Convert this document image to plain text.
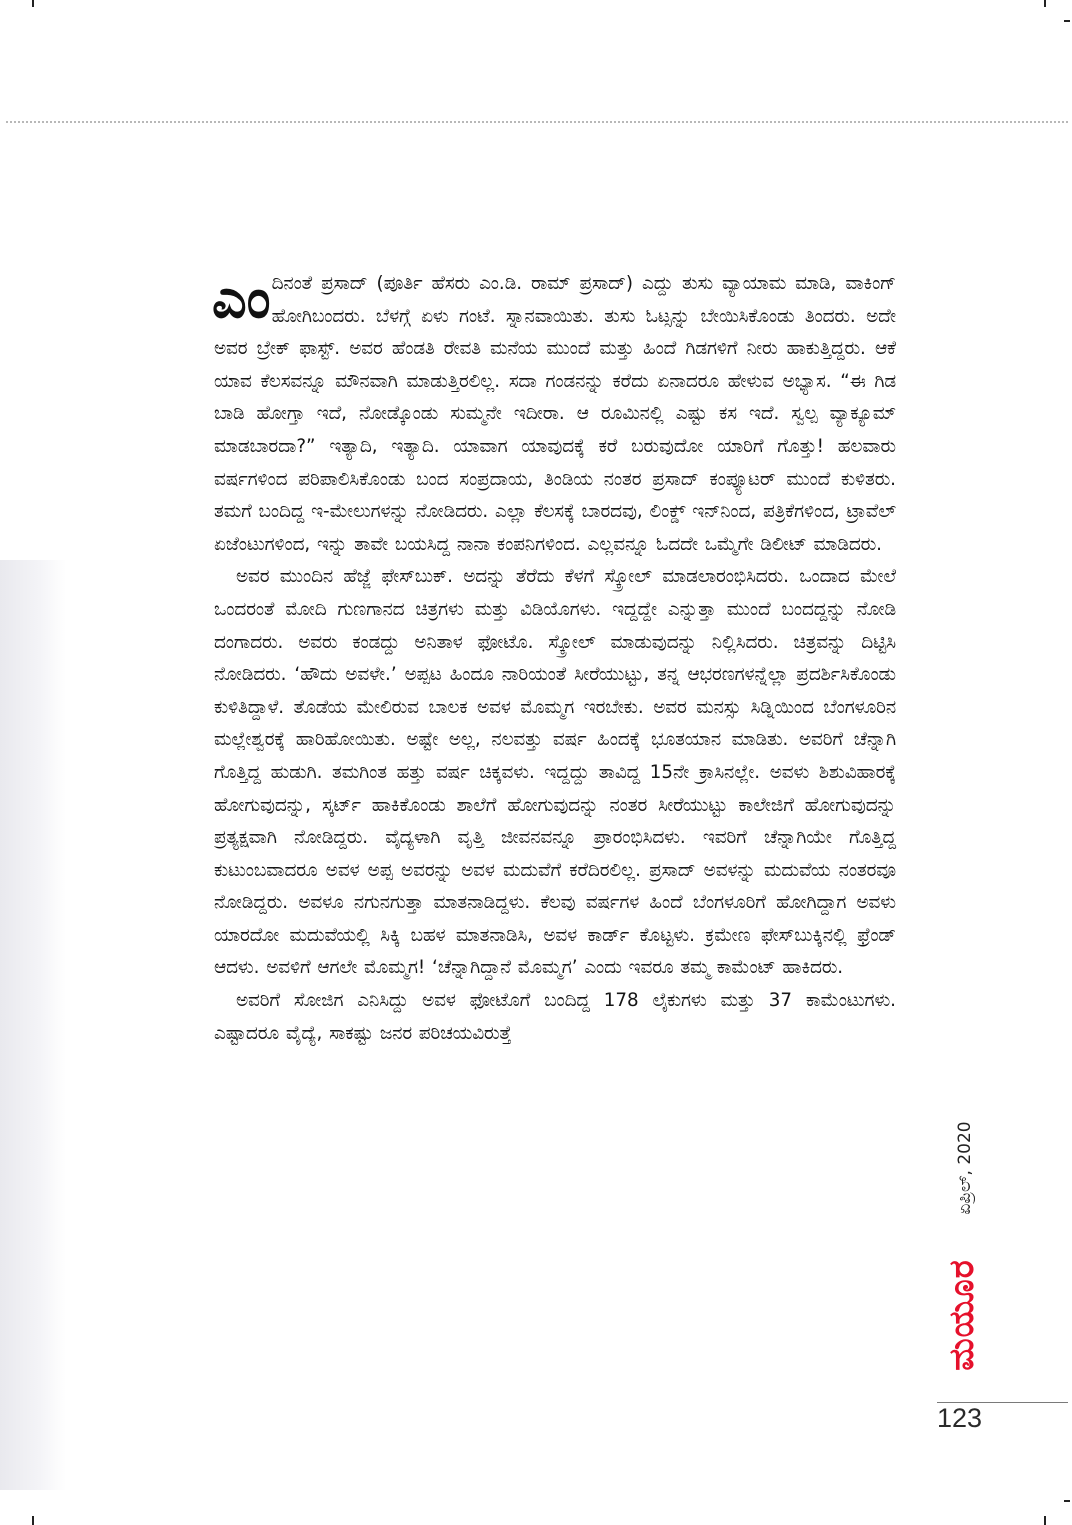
ಎಂದಿನಂತೆ ಪ್ರಸಾದ್ (ಪೂರ್ತಿ ಹೆಸರು ಎಂ.ಡಿ. ರಾಮ್ ಪ್ರಸಾದ್) ಎದ್ದು ತುಸು ವ್ಯಾಯಾಮ ಮಾಡಿ, ವಾಕಿಂಗ್ ಹೋಗಿಬಂದರು. ಬೆಳಗ್ಗೆ ಏಳು ಗಂಟೆ. ಸ್ನಾನವಾಯಿತು. ತುಸು ಓಟ್ಸನ್ನು ಬೇಯಿಸಿಕೊಂಡು ತಿಂದರು. ಅದೇ ಅವರ ಬ್ರೇಕ್ ಫಾಸ್ಟ್. ಅವರ ಹೆಂಡತಿ ರೇವತಿ ಮನೆಯ ಮುಂದೆ ಮತ್ತು ಹಿಂದೆ ಗಿಡಗಳಿಗೆ ನೀರು ಹಾಕುತ್ತಿದ್ದರು. ಆಕೆ ಯಾವ ಕೆಲಸವನ್ನೂ ಮೌನವಾಗಿ ಮಾಡುತ್ತಿರಲಿಲ್ಲ. ಸದಾ ಗಂಡನನ್ನು ಕರೆದು ಏನಾದರೂ ಹೇಳುವ ಅಭ್ಯಾಸ. “ಈ ಗಿಡ ಬಾಡಿ ಹೋಗ್ತಾ ಇದೆ, ನೋಡ್ಕೊಂಡು ಸುಮ್ಮನೇ ಇದೀರಾ. ಆ ರೂಮಿನಲ್ಲಿ ಎಷ್ಟು ಕಸ ಇದೆ. ಸ್ವಲ್ಪ ವ್ಯಾಕ್ಯೂಮ್ ಮಾಡಬಾರದಾ?” ಇತ್ಯಾದಿ, ಇತ್ಯಾದಿ. ಯಾವಾಗ ಯಾವುದಕ್ಕೆ ಕರೆ ಬರುವುದೋ ಯಾರಿಗೆ ಗೊತ್ತು! ಹಲವಾರು ವರ್ಷಗಳಿಂದ ಪರಿಪಾಲಿಸಿಕೊಂಡು ಬಂದ ಸಂಪ್ರದಾಯ, ತಿಂಡಿಯ ನಂತರ ಪ್ರಸಾದ್ ಕಂಪ್ಯೂಟರ್ ಮುಂದೆ ಕುಳಿತರು. ತಮಗೆ ಬಂದಿದ್ದ ಇ-ಮೇಲುಗಳನ್ನು ನೋಡಿದರು. ಎಲ್ಲಾ ಕೆಲಸಕ್ಕೆ ಬಾರದವು, ಲಿಂಕ್ಡ್ ಇನ್‌ನಿಂದ, ಪತ್ರಿಕೆಗಳಿಂದ, ಟ್ರಾವೆಲ್ ಏಜೆಂಟುಗಳಿಂದ, ಇನ್ನು ತಾವೇ ಬಯಸಿದ್ದ ನಾನಾ ಕಂಪನಿಗಳಿಂದ. ಎಲ್ಲವನ್ನೂ ಓದದೇ ಒಮ್ಮೆಗೇ ಡಿಲೀಟ್ ಮಾಡಿದರು.

ಅವರ ಮುಂದಿನ ಹೆಜ್ಜೆ ಫೇಸ್‌ಬುಕ್. ಅದನ್ನು ತೆರೆದು ಕೆಳಗೆ ಸ್ಕ್ರೋಲ್ ಮಾಡಲಾರಂಭಿಸಿದರು. ಒಂದಾದ ಮೇಲೆ ಒಂದರಂತೆ ಮೋದಿ ಗುಣಗಾನದ ಚಿತ್ರಗಳು ಮತ್ತು ವಿಡಿಯೊಗಳು. ಇದ್ದದ್ದೇ ಎನ್ನುತ್ತಾ ಮುಂದೆ ಬಂದದ್ದನ್ನು ನೋಡಿ ದಂಗಾದರು. ಅವರು ಕಂಡದ್ದು ಅನಿತಾಳ ಫೋಟೊ. ಸ್ಕ್ರೋಲ್ ಮಾಡುವುದನ್ನು ನಿಲ್ಲಿಸಿದರು. ಚಿತ್ರವನ್ನು ದಿಟ್ಟಿಸಿ ನೋಡಿದರು. ‘ಹೌದು ಅವಳೇ.’ ಅಪ್ಪಟ ಹಿಂದೂ ನಾರಿಯಂತೆ ಸೀರೆಯುಟ್ಟು, ತನ್ನ ಆಭರಣಗಳನ್ನೆಲ್ಲಾ ಪ್ರದರ್ಶಿಸಿಕೊಂಡು ಕುಳಿತಿದ್ದಾಳೆ. ತೊಡೆಯ ಮೇಲಿರುವ ಬಾಲಕ ಅವಳ ಮೊಮ್ಮಗ ಇರಬೇಕು. ಅವರ ಮನಸ್ಸು ಸಿಡ್ನಿಯಿಂದ ಬೆಂಗಳೂರಿನ ಮಲ್ಲೇಶ್ವರಕ್ಕೆ ಹಾರಿಹೋಯಿತು. ಅಷ್ಟೇ ಅಲ್ಲ, ನಲವತ್ತು ವರ್ಷ ಹಿಂದಕ್ಕೆ ಭೂತಯಾನ ಮಾಡಿತು. ಅವರಿಗೆ ಚೆನ್ನಾಗಿ ಗೊತ್ತಿದ್ದ ಹುಡುಗಿ. ತಮಗಿಂತ ಹತ್ತು ವರ್ಷ ಚಿಕ್ಕವಳು. ಇದ್ದದ್ದು ತಾವಿದ್ದ 15ನೇ ಕ್ರಾಸಿನಲ್ಲೇ. ಅವಳು ಶಿಶುವಿಹಾರಕ್ಕೆ ಹೋಗುವುದನ್ನು, ಸ್ಕರ್ಟ್ ಹಾಕಿಕೊಂಡು ಶಾಲೆಗೆ ಹೋಗುವುದನ್ನು ನಂತರ ಸೀರೆಯುಟ್ಟು ಕಾಲೇಜಿಗೆ ಹೋಗುವುದನ್ನು ಪ್ರತ್ಯಕ್ಷವಾಗಿ ನೋಡಿದ್ದರು. ವೈದ್ಯಳಾಗಿ ವೃತ್ತಿ ಜೀವನವನ್ನೂ ಪ್ರಾರಂಭಿಸಿದಳು. ಇವರಿಗೆ ಚೆನ್ನಾಗಿಯೇ ಗೊತ್ತಿದ್ದ ಕುಟುಂಬವಾದರೂ ಅವಳ ಅಪ್ಪ ಅವರನ್ನು ಅವಳ ಮದುವೆಗೆ ಕರೆದಿರಲಿಲ್ಲ. ಪ್ರಸಾದ್ ಅವಳನ್ನು ಮದುವೆಯ ನಂತರವೂ ನೋಡಿದ್ದರು. ಅವಳೂ ನಗುನಗುತ್ತಾ ಮಾತನಾಡಿದ್ದಳು. ಕೆಲವು ವರ್ಷಗಳ ಹಿಂದೆ ಬೆಂಗಳೂರಿಗೆ ಹೋಗಿದ್ದಾಗ ಅವಳು ಯಾರದೋ ಮದುವೆಯಲ್ಲಿ ಸಿಕ್ಕಿ ಬಹಳ ಮಾತನಾಡಿಸಿ, ಅವಳ ಕಾರ್ಡ್ ಕೊಟ್ಟಳು. ಕ್ರಮೇಣ ಫೇಸ್‌ಬುಕ್ಕಿನಲ್ಲಿ ಫ್ರೆಂಡ್ ಆದಳು. ಅವಳಿಗೆ ಆಗಲೇ ಮೊಮ್ಮಗ! ‘ಚೆನ್ನಾಗಿದ್ದಾನೆ ಮೊಮ್ಮಗ’ ಎಂದು ಇವರೂ ತಮ್ಮ ಕಾಮೆಂಟ್ ಹಾಕಿದರು.

ಅವರಿಗೆ ಸೋಜಿಗ ಎನಿಸಿದ್ದು ಅವಳ ಫೋಟೊಗೆ ಬಂದಿದ್ದ 178 ಲೈಕುಗಳು ಮತ್ತು 37 ಕಾಮೆಂಟುಗಳು. ಎಷ್ಟಾದರೂ ವೈದ್ಯೆ, ಸಾಕಷ್ಟು ಜನರ ಪರಿಚಯವಿರುತ್ತೆ

ಏಪ್ರಿಲ್, 2020
ಮಯೂರ
123
